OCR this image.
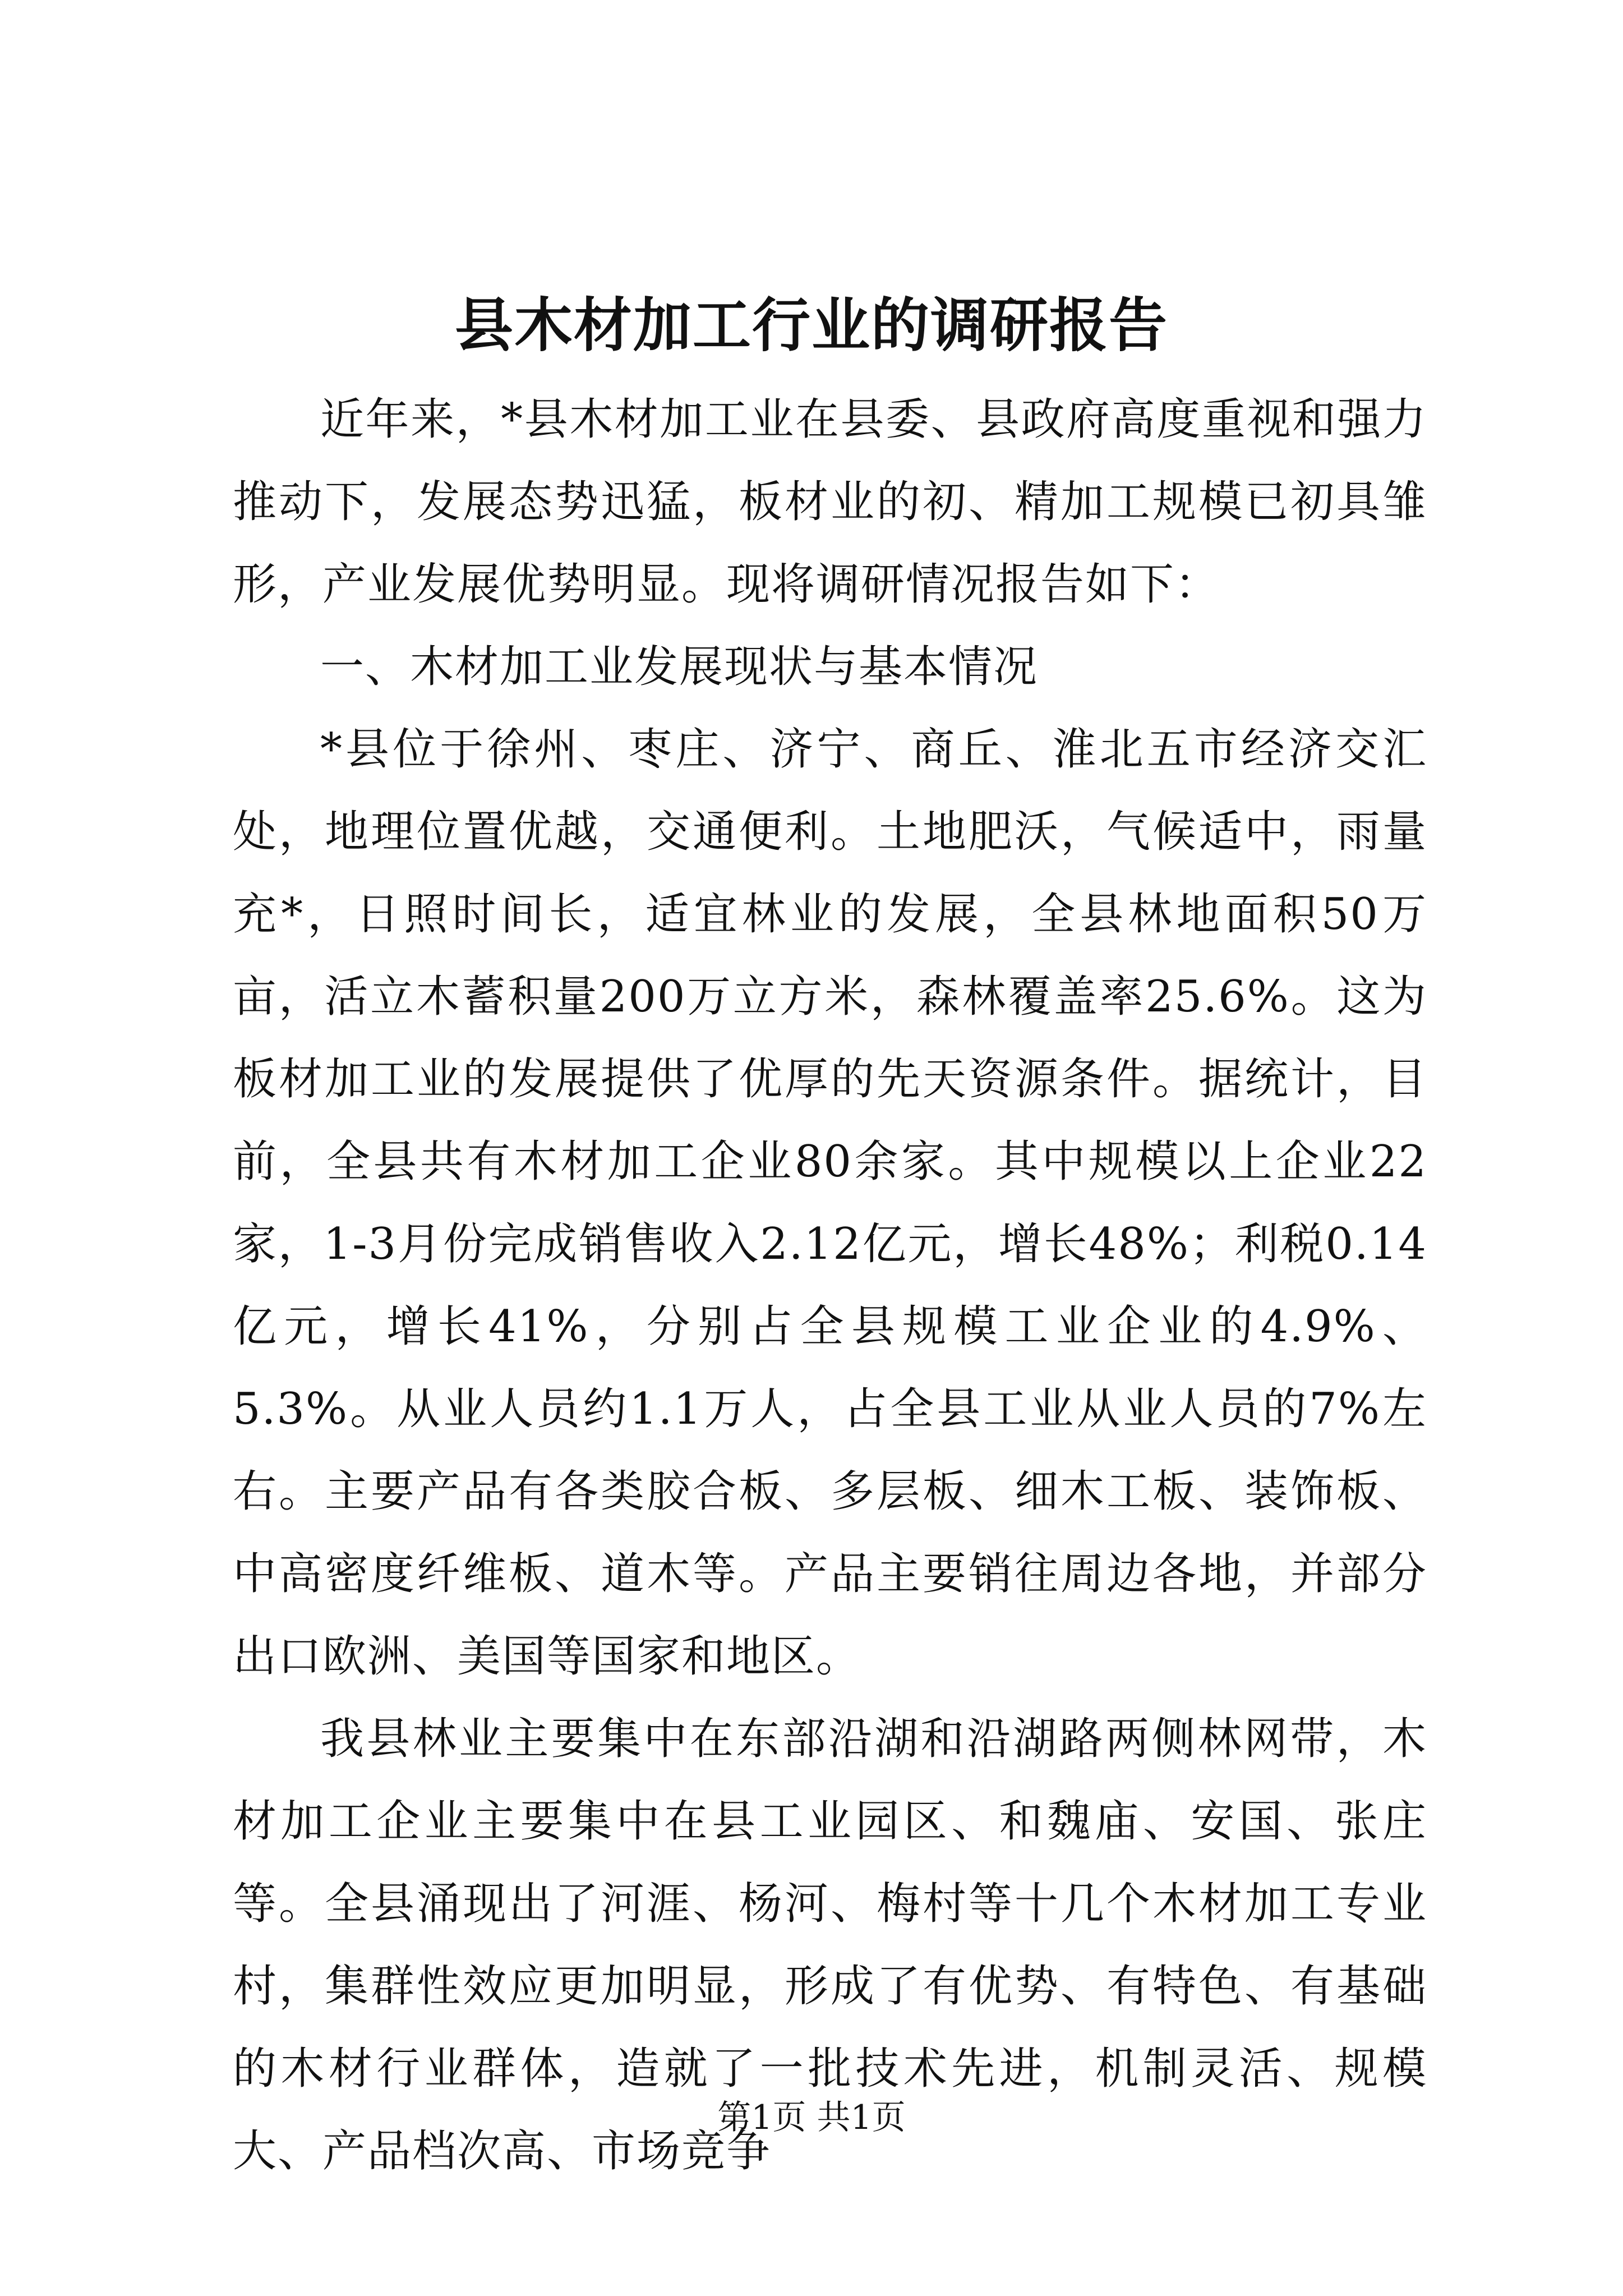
县木材加工行业的调研报告

近年来，*县木材加工业在县委、县政府高度重视和强力推动下，发展态势迅猛，板材业的初、精加工规模已初具雏形，产业发展优势明显。现将调研情况报告如下：

一、木材加工业发展现状与基本情况

*县位于徐州、枣庄、济宁、商丘、淮北五市经济交汇处，地理位置优越，交通便利。土地肥沃，气候适中，雨量充*，日照时间长，适宜林业的发展，全县林地面积50万亩，活立木蓄积量200万立方米，森林覆盖率25.6%。这为板材加工业的发展提供了优厚的先天资源条件。据统计，目前，全县共有木材加工企业80余家。其中规模以上企业22家，1-3月份完成销售收入2.12亿元，增长48%；利税0.14亿元，增长41%，分别占全县规模工业企业的4.9%、5.3%。从业人员约1.1万人，占全县工业从业人员的7%左右。主要产品有各类胶合板、多层板、细木工板、装饰板、中高密度纤维板、道木等。产品主要销往周边各地，并部分出口欧洲、美国等国家和地区。

我县林业主要集中在东部沿湖和沿湖路两侧林网带，木材加工企业主要集中在县工业园区、和魏庙、安国、张庄等。全县涌现出了河涯、杨河、梅村等十几个木材加工专业村，集群性效应更加明显，形成了有优势、有特色、有基础的木材行业群体，造就了一批技术先进，机制灵活、规模大、产品档次高、市场竞争

第1页 共1页
